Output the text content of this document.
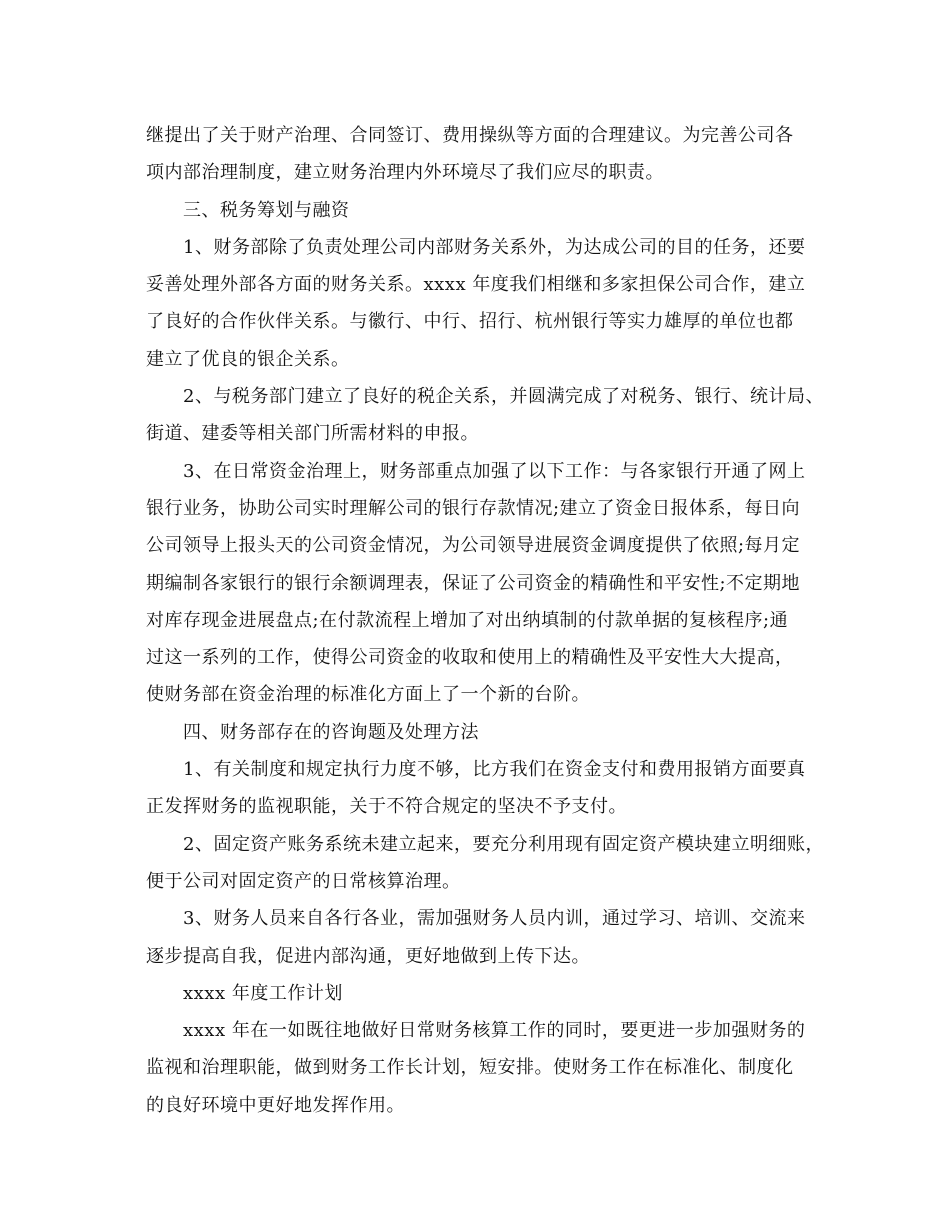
继提出了关于财产治理、合同签订、费用操纵等方面的合理建议。为完善公司各
项内部治理制度，建立财务治理内外环境尽了我们应尽的职责。
三、税务筹划与融资
1、财务部除了负责处理公司内部财务关系外，为达成公司的目的任务，还要
妥善处理外部各方面的财务关系。xxxx 年度我们相继和多家担保公司合作，建立
了良好的合作伙伴关系。与徽行、中行、招行、杭州银行等实力雄厚的单位也都
建立了优良的银企关系。
2、与税务部门建立了良好的税企关系，并圆满完成了对税务、银行、统计局、
街道、建委等相关部门所需材料的申报。
3、在日常资金治理上，财务部重点加强了以下工作：与各家银行开通了网上
银行业务，协助公司实时理解公司的银行存款情况;建立了资金日报体系，每日向
公司领导上报头天的公司资金情况，为公司领导进展资金调度提供了依照;每月定
期编制各家银行的银行余额调理表，保证了公司资金的精确性和平安性;不定期地
对库存现金进展盘点;在付款流程上增加了对出纳填制的付款单据的复核程序;通
过这一系列的工作，使得公司资金的收取和使用上的精确性及平安性大大提高，
使财务部在资金治理的标准化方面上了一个新的台阶。
四、财务部存在的咨询题及处理方法
1、有关制度和规定执行力度不够，比方我们在资金支付和费用报销方面要真
正发挥财务的监视职能，关于不符合规定的坚决不予支付。
2、固定资产账务系统未建立起来，要充分利用现有固定资产模块建立明细账，
便于公司对固定资产的日常核算治理。
3、财务人员来自各行各业，需加强财务人员内训，通过学习、培训、交流来
逐步提高自我，促进内部沟通，更好地做到上传下达。
xxxx 年度工作计划
xxxx 年在一如既往地做好日常财务核算工作的同时，要更进一步加强财务的
监视和治理职能，做到财务工作长计划，短安排。使财务工作在标准化、制度化
的良好环境中更好地发挥作用。
